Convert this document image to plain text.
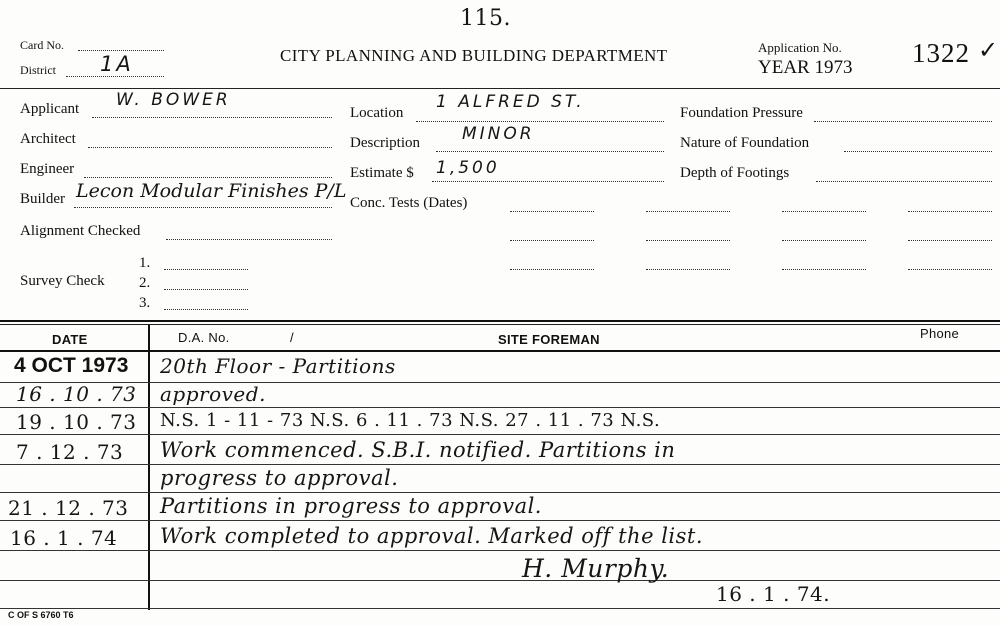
Card No.
District 1A
115.
CITY PLANNING AND BUILDING DEPARTMENT	Application No.
YEAR 1973 1322 ✓
Applicant W. BOWER
Architect
Engineer
Builder Lecon Modular Finishes P/L
Alignment Checked
Survey Check
1.
2.
3.
Location
1 ALFRED ST.
Description MINOR
Estimate $ 1,500
Conc. Tests (Dates)
Foundation Pressure
Nature of Foundation
Depth of Footings
DATE	D.A. No.	/	SITE FOREMAN	Phone
4 OCT 1973 20th Floor - Partitions
16 . 10 . 73 approved.
19 . 10 . 73 N.S. 1 - 11 - 73 N.S. 6 . 11 . 73 N.S. 27 . 11 . 73 N.S.
7 . 12 . 73 Work commenced. S.B.I. notified. Partitions in
progress to approval.
21 . 12 . 73 Partitions in progress to approval.
16 . 1 . 74 Work completed to approval. Marked off the list.
H. Murphy.
16 . 1 . 74.
C OF S 6760 T6
